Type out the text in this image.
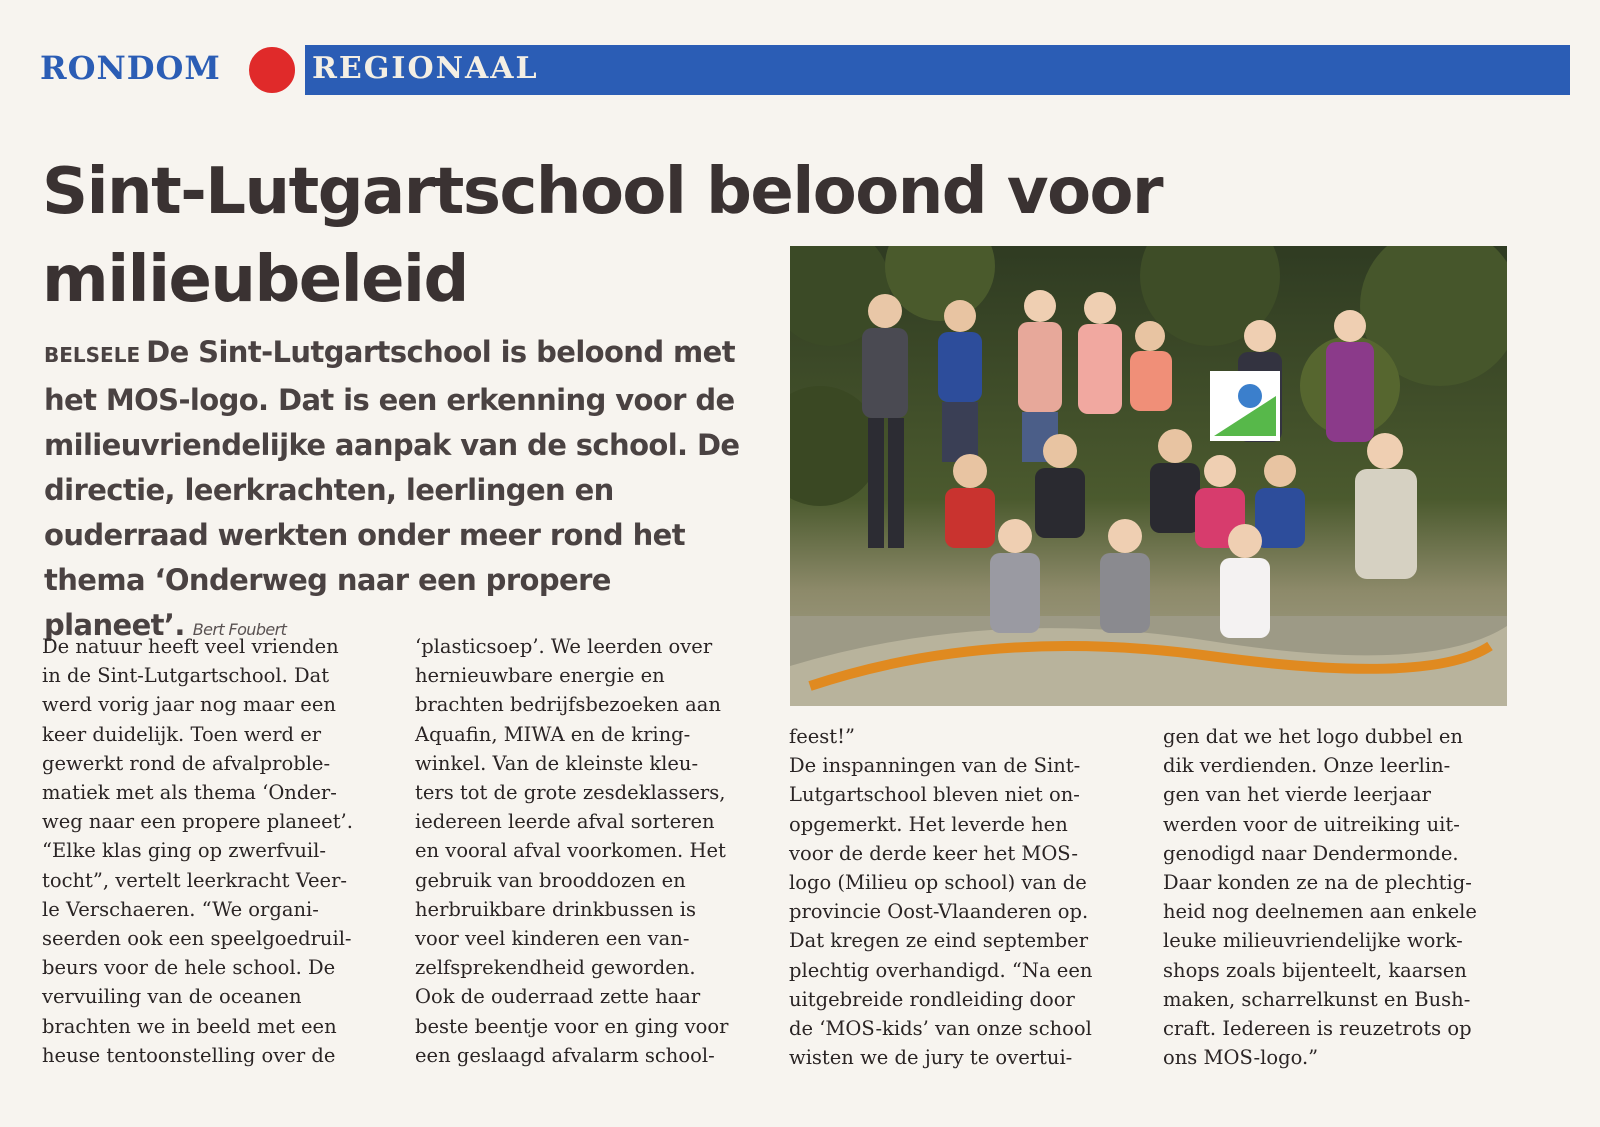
RONDOM	REGIONAAL
Sint-Lutgartschool beloond voor milieubeleid

BELSELE De Sint-Lutgartschool is beloond met het MOS-logo. Dat is een erkenning voor de milieuvriendelijke aanpak van de school. De directie, leerkrachten, leerlingen en ouderraad werkten onder meer rond het thema ‘Onderweg naar een propere planeet’. Bert Foubert

De natuur heeft veel vrienden
in de Sint-Lutgartschool. Dat
werd vorig jaar nog maar een
keer duidelijk. Toen werd er
gewerkt rond de afvalproble-
matiek met als thema ‘Onder-
weg naar een propere planeet’.
“Elke klas ging op zwerfvuil-
tocht”, vertelt leerkracht Veer-
le Verschaeren. “We organi-
seerden ook een speelgoedruil-
beurs voor de hele school. De
vervuiling van de oceanen
brachten we in beeld met een
heuse tentoonstelling over de

‘plasticsoep’. We leerden over
hernieuwbare energie en
brachten bedrijfsbezoeken aan
Aquafin, MIWA en de kring-
winkel. Van de kleinste kleu-
ters tot de grote zesdeklassers,
iedereen leerde afval sorteren
en vooral afval voorkomen. Het
gebruik van brooddozen en
herbruikbare drinkbussen is
voor veel kinderen een van-
zelfsprekendheid geworden.
Ook de ouderraad zette haar
beste beentje voor en ging voor
een geslaagd afvalarm school-

feest!”
De inspanningen van de Sint-
Lutgartschool bleven niet on-
opgemerkt. Het leverde hen
voor de derde keer het MOS-
logo (Milieu op school) van de
provincie Oost-Vlaanderen op.
Dat kregen ze eind september
plechtig overhandigd. “Na een
uitgebreide rondleiding door
de ‘MOS-kids’ van onze school
wisten we de jury te overtui-

gen dat we het logo dubbel en
dik verdienden. Onze leerlin-
gen van het vierde leerjaar
werden voor de uitreiking uit-
genodigd naar Dendermonde.
Daar konden ze na de plechtig-
heid nog deelnemen aan enkele
leuke milieuvriendelijke work-
shops zoals bijenteelt, kaarsen
maken, scharrelkunst en Bush-
craft. Iedereen is reuzetrots op
ons MOS-logo.”
